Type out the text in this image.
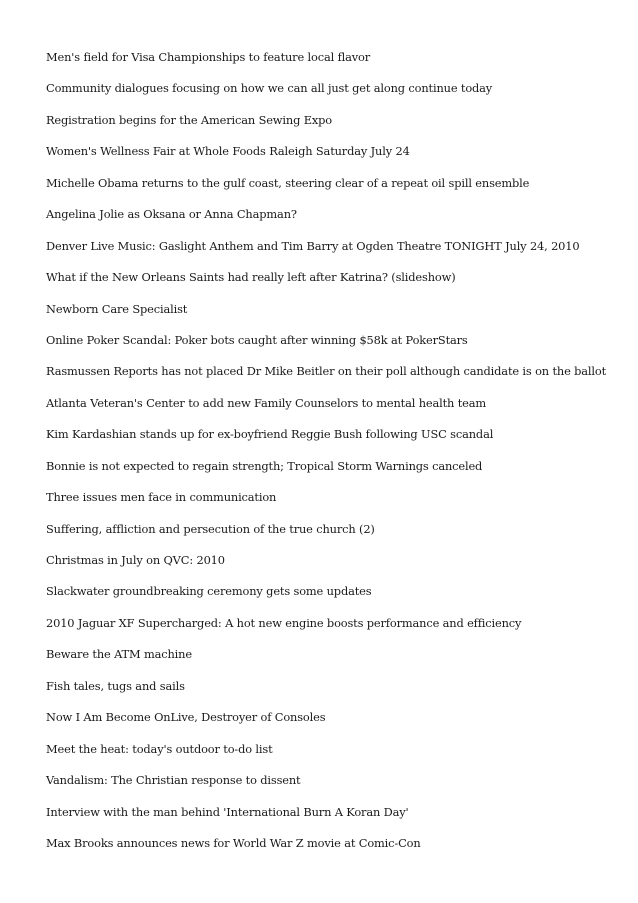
Men's field for Visa Championships to feature local flavor
Community dialogues focusing on how we can all just get along continue today
Registration begins for the American Sewing Expo
Women's Wellness Fair at Whole Foods Raleigh Saturday July 24
Michelle Obama returns to the gulf coast, steering clear of a repeat oil spill ensemble
Angelina Jolie as Oksana or Anna Chapman?
Denver Live Music: Gaslight Anthem and Tim Barry at Ogden Theatre TONIGHT July 24, 2010
What if the New Orleans Saints had really left after Katrina? (slideshow)
Newborn Care Specialist
Online Poker Scandal: Poker bots caught after winning $58k at PokerStars
Rasmussen Reports has not placed Dr Mike Beitler on their poll although candidate is on the ballot
Atlanta Veteran's Center to add new Family Counselors to mental health team
Kim Kardashian stands up for ex-boyfriend Reggie Bush following USC scandal
Bonnie is not expected to regain strength; Tropical Storm Warnings canceled
Three issues men face in communication
Suffering, affliction and persecution of the true church (2)
Christmas in July on QVC: 2010
Slackwater groundbreaking ceremony gets some updates
2010 Jaguar XF Supercharged: A hot new engine boosts performance and efficiency
Beware the ATM machine
Fish tales, tugs and sails
Now I Am Become OnLive, Destroyer of Consoles
Meet the heat: today's outdoor to-do list
Vandalism: The Christian response to dissent
Interview with the man behind 'International Burn A Koran Day'
Max Brooks announces news for World War Z movie at Comic-Con
